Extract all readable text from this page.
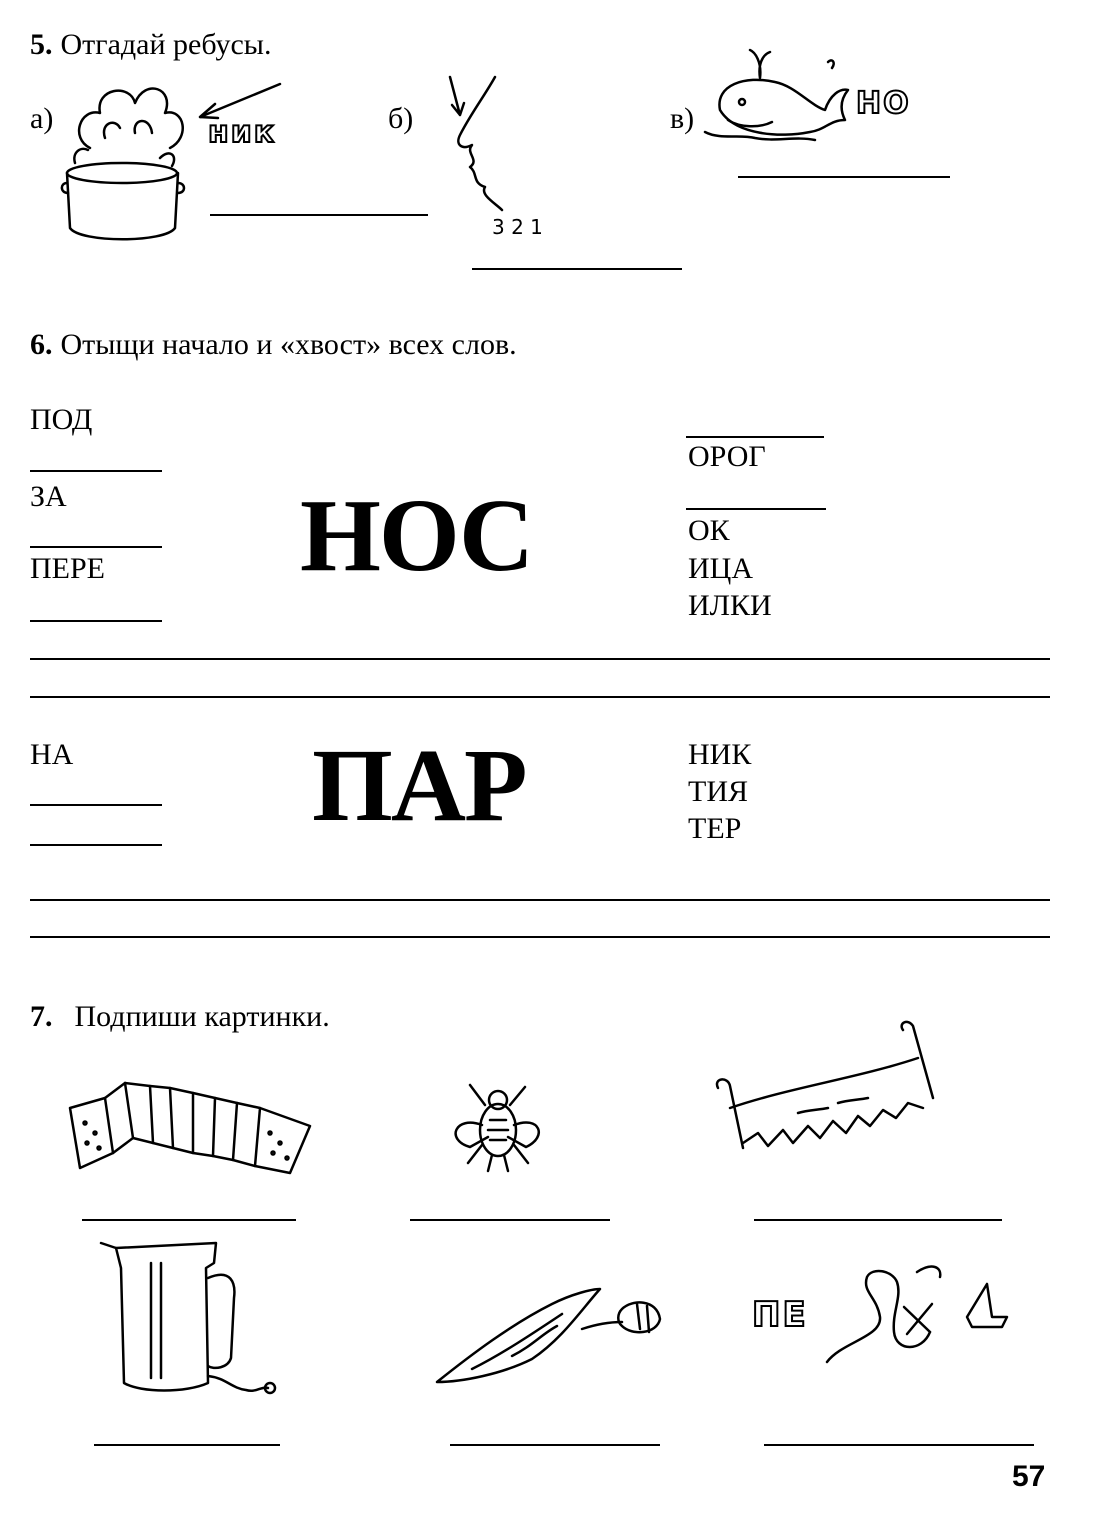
5. Отгадай ребусы.
а)	ник	б)
3 2 1
в)	НО
6. Отыщи начало и «хвост» всех слов.
ПОД
ЗА
ПЕРЕ НОС
ОРОГ
ОК
ИЦА
ИЛКИ
НА ПАР	НИК
ТИЯ
ТЕР
7. Подпиши картинки.
ПЕ
57
